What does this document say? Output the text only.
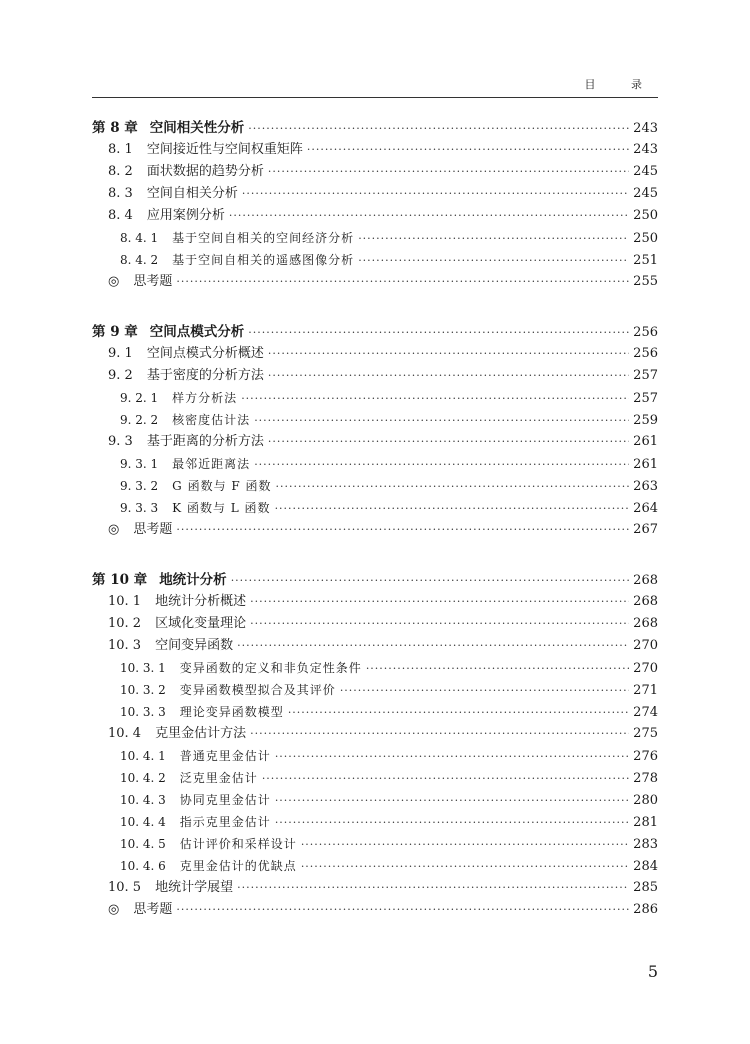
目 录
第 8 章 空间相关性分析 ·····	243
8. 1 空间接近性与空间权重矩阵 ·····	243
8. 2 面状数据的趋势分析 ·····	245
8. 3 空间自相关分析 ·····	245
8. 4 应用案例分析 ·····	250
8. 4. 1 基于空间自相关的空间经济分析 ·····	250
8. 4. 2 基于空间自相关的遥感图像分析 ·····	251
◎ 思考题 ·····	255
第 9 章 空间点模式分析 ·····	256
9. 1 空间点模式分析概述 ·····	256
9. 2 基于密度的分析方法 ·····	257
9. 2. 1 样方分析法 ·····	257
9. 2. 2 核密度估计法 ·····	259
9. 3 基于距离的分析方法 ·····	261
9. 3. 1 最邻近距离法 ·····	261
9. 3. 2 G 函数与 F 函数 ·····	263
9. 3. 3 K 函数与 L 函数 ·····	264
◎ 思考题 ·····	267
第 10 章 地统计分析 ·····	268
10. 1 地统计分析概述 ·····	268
10. 2 区域化变量理论 ·····	268
10. 3 空间变异函数 ·····	270
10. 3. 1 变异函数的定义和非负定性条件 ·····	270
10. 3. 2 变异函数模型拟合及其评价 ·····	271
10. 3. 3 理论变异函数模型 ·····	274
10. 4 克里金估计方法 ·····	275
10. 4. 1 普通克里金估计 ·····	276
10. 4. 2 泛克里金估计 ·····	278
10. 4. 3 协同克里金估计 ·····	280
10. 4. 4 指示克里金估计 ·····	281
10. 4. 5 估计评价和采样设计 ·····	283
10. 4. 6 克里金估计的优缺点 ·····	284
10. 5 地统计学展望 ·····	285
◎ 思考题 ·····	286
5
